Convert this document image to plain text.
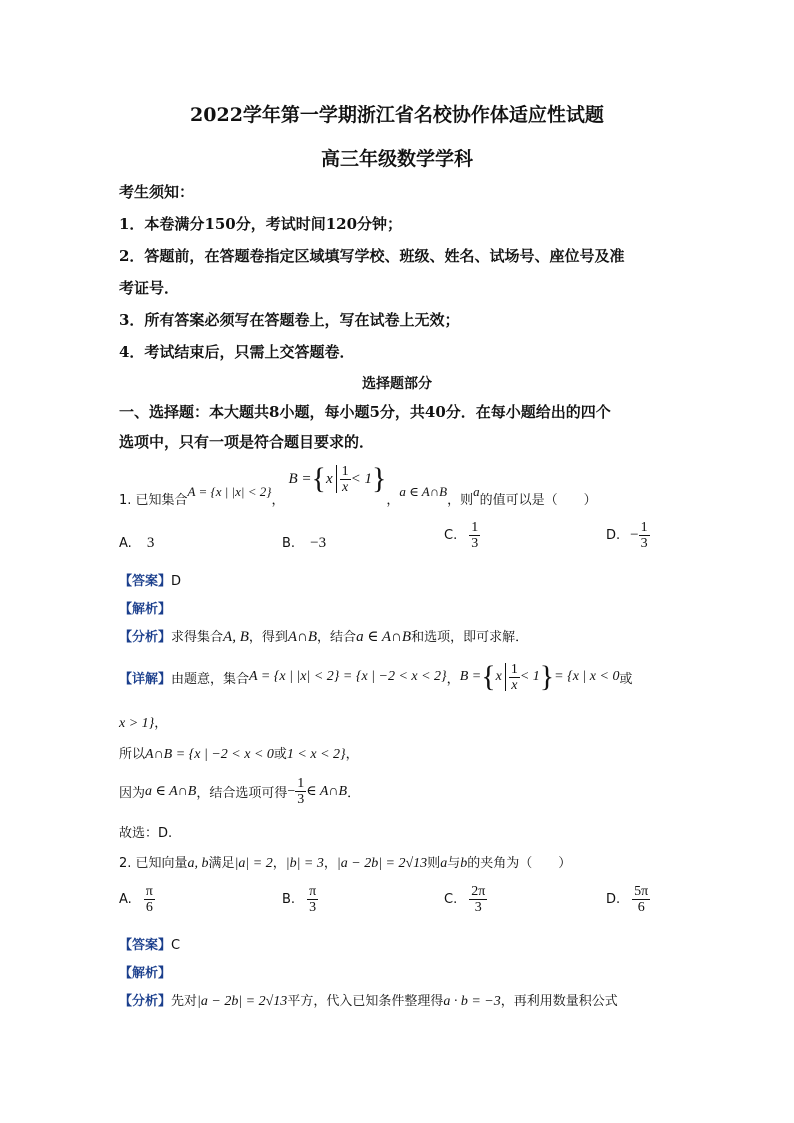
2022学年第一学期浙江省名校协作体适应性试题
高三年级数学学科
考生须知：
1．本卷满分150分，考试时间120分钟；
2．答题前，在答题卷指定区域填写学校、班级、姓名、试场号、座位号及准
考证号．
3．所有答案必须写在答题卷上，写在试卷上无效；
4．考试结束后，只需上交答题卷．
选择题部分
一、选择题：本大题共8小题，每小题5分，共40分．在每小题给出的四个
选项中，只有一项是符合题目要求的．
1. 已知集合
A = {x | |x| < 2}
，
B = { x $\frac{1}{x} < 1$ }
，
a ∈ A∩B
，则
a
的值可以是（　　）
A. 3	B. −3	C. $\frac{1}{3}$	D. − $\frac{1}{3}$
【答案】D
【解析】
【分析】求得集合A, B，得到A∩B，结合a ∈ A∩B和选项，即可求解．
【详解】 由题意，集合 A = {x | |x| < 2} = {x | −2 < x < 2} ， B = { x $\frac{1}{x} < 1$ } = {x | x < 0 或
x > 1}，
所以A∩B = {x | −2 < x < 0或1 < x < 2}，
因为 a ∈ A∩B ，结合选项可得 − $\frac{1}{3}$ ∈ A∩B ．
故选：D.
2. 已知向量a, b满足|a| = 2，|b| = 3，|a − 2b| = 2√13则a与b的夹角为（　　）
A. $\frac{\pi}{6}$	B. $\frac{\pi}{3}$	C. $\frac{2\pi}{3}$	D. $\frac{5\pi}{6}$
【答案】C
【解析】
【分析】先对|a − 2b| = 2√13平方，代入已知条件整理得a · b = −3，再利用数量积公式
